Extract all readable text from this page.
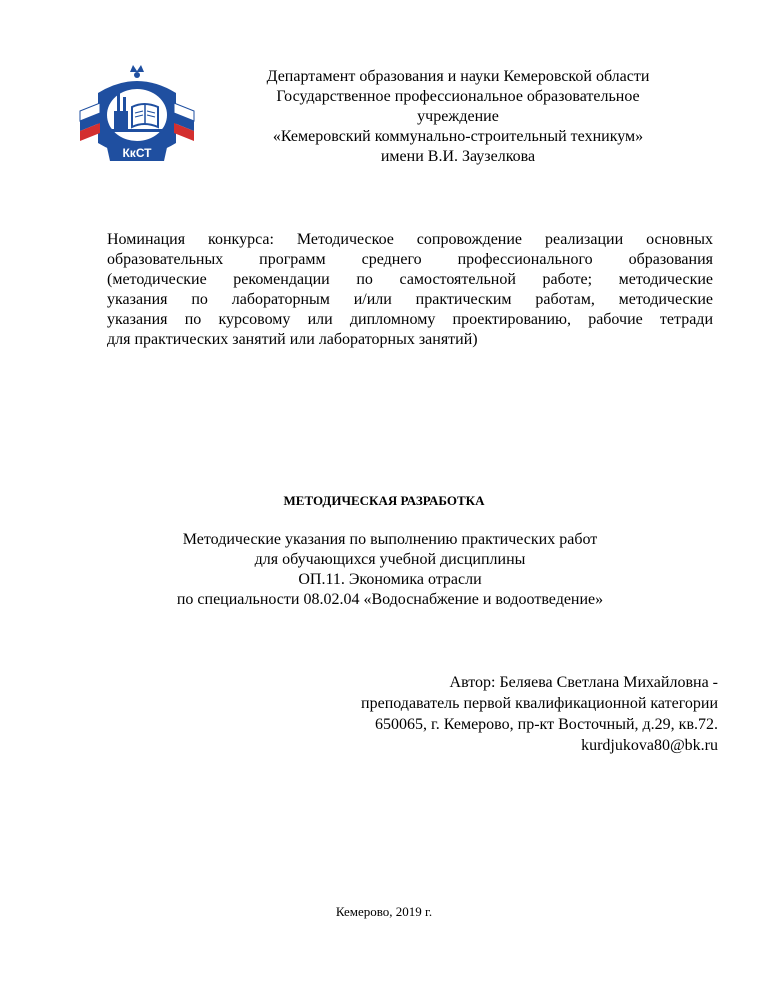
КкСТ
Департамент образования и науки Кемеровской области
Государственное профессиональное образовательное
учреждение
«Кемеровский коммунально-строительный техникум»
имени В.И. Заузелкова
Номинация конкурса: Методическое сопровождение реализации основных
образовательных программ среднего профессионального образования
(методические рекомендации по самостоятельной работе; методические
указания по лабораторным и/или практическим работам, методические
указания по курсовому или дипломному проектированию, рабочие тетради
для практических занятий или лабораторных занятий)
МЕТОДИЧЕСКАЯ РАЗРАБОТКА
Методические указания по выполнению практических работ
для обучающихся учебной дисциплины
ОП.11. Экономика отрасли
по специальности 08.02.04 «Водоснабжение и водоотведение»
Автор: Беляева Светлана Михайловна -
преподаватель первой квалификационной категории
650065, г. Кемерово, пр-кт Восточный, д.29, кв.72.
kurdjukova80@bk.ru
Кемерово, 2019 г.
